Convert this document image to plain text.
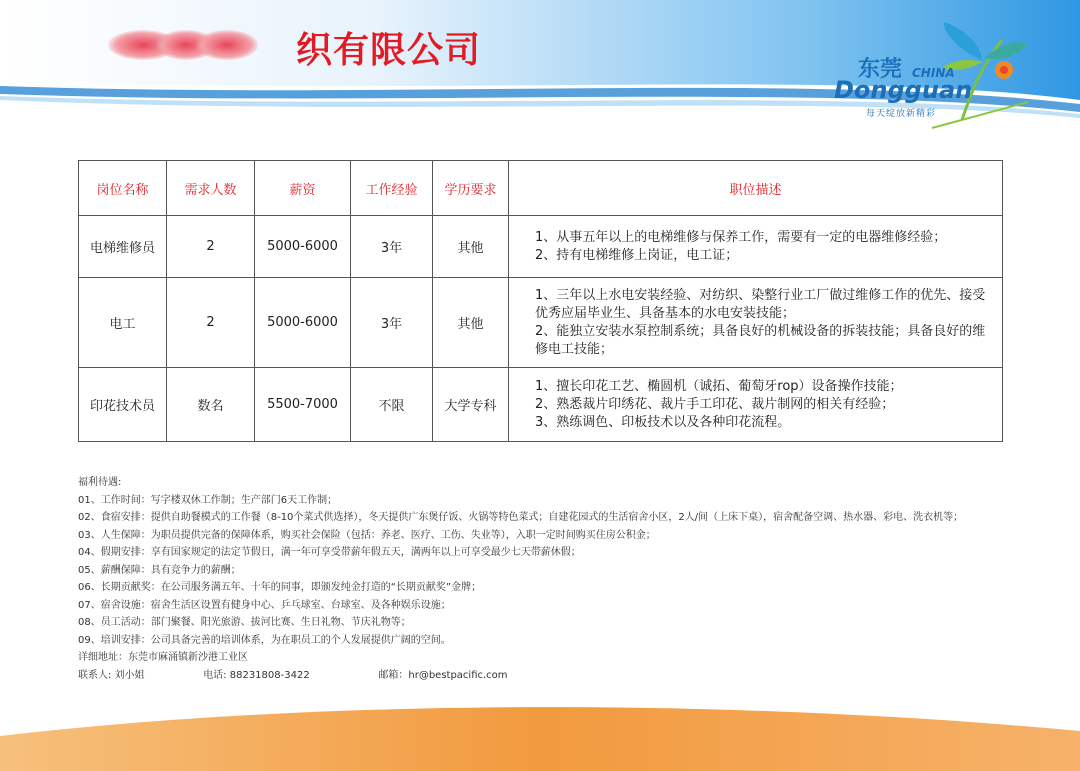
织有限公司	东莞 CHINA
Dongguan
每天绽放新精彩
岗位名称	需求人数	薪资	工作经验	学历要求	职位描述
电梯维修员	2	5000-6000	3年	其他	1、从事五年以上的电梯维修与保养工作，需要有一定的电器维修经验；
2、持有电梯维修上岗证，电工证；

电工	2	5000-6000	3年	其他	1、三年以上水电安装经验、对纺织、染整行业工厂做过维修工作的优先、接受优秀应届毕业生、具备基本的水电安装技能；
2、能独立安装水泵控制系统；具备良好的机械设备的拆装技能；具备良好的维修电工技能；

印花技术员	数名	5500-7000	不限	大学专科	1、擅长印花工艺、椭圆机（诚拓、葡萄牙rop）设备操作技能；
2、熟悉裁片印绣花、裁片手工印花、裁片制网的相关有经验；
3、熟练调色、印板技术以及各种印花流程。
福利待遇:
01、工作时间：写字楼双休工作制；生产部门6天工作制；
02、食宿安排：提供自助餐模式的工作餐（8-10个菜式供选择），冬天提供广东煲仔饭、火锅等特色菜式；自建花园式的生活宿舍小区，2人/间（上床下桌），宿舍配备空调、热水器、彩电、洗衣机等；
03、人生保障：为职员提供完备的保障体系，购买社会保险（包括：养老、医疗、工伤、失业等），入职一定时间购买住房公积金；
04、假期安排：享有国家规定的法定节假日，满一年可享受带薪年假五天，满两年以上可享受最少七天带薪休假；
05、薪酬保障：具有竞争力的薪酬；
06、长期贡献奖：在公司服务满五年、十年的同事，即颁发纯金打造的“长期贡献奖”金牌；
07、宿舍设施：宿舍生活区设置有健身中心、乒乓球室、台球室、及各种娱乐设施；
08、员工活动：部门聚餐、阳光旅游、拔河比赛、生日礼物、节庆礼物等；
09、培训安排：公司具备完善的培训体系，为在职员工的个人发展提供广阔的空间。
详细地址：东莞市麻涌镇新沙港工业区
联系人: 刘小姐	电话: 88231808-3422	邮箱：hr@bestpacific.com
